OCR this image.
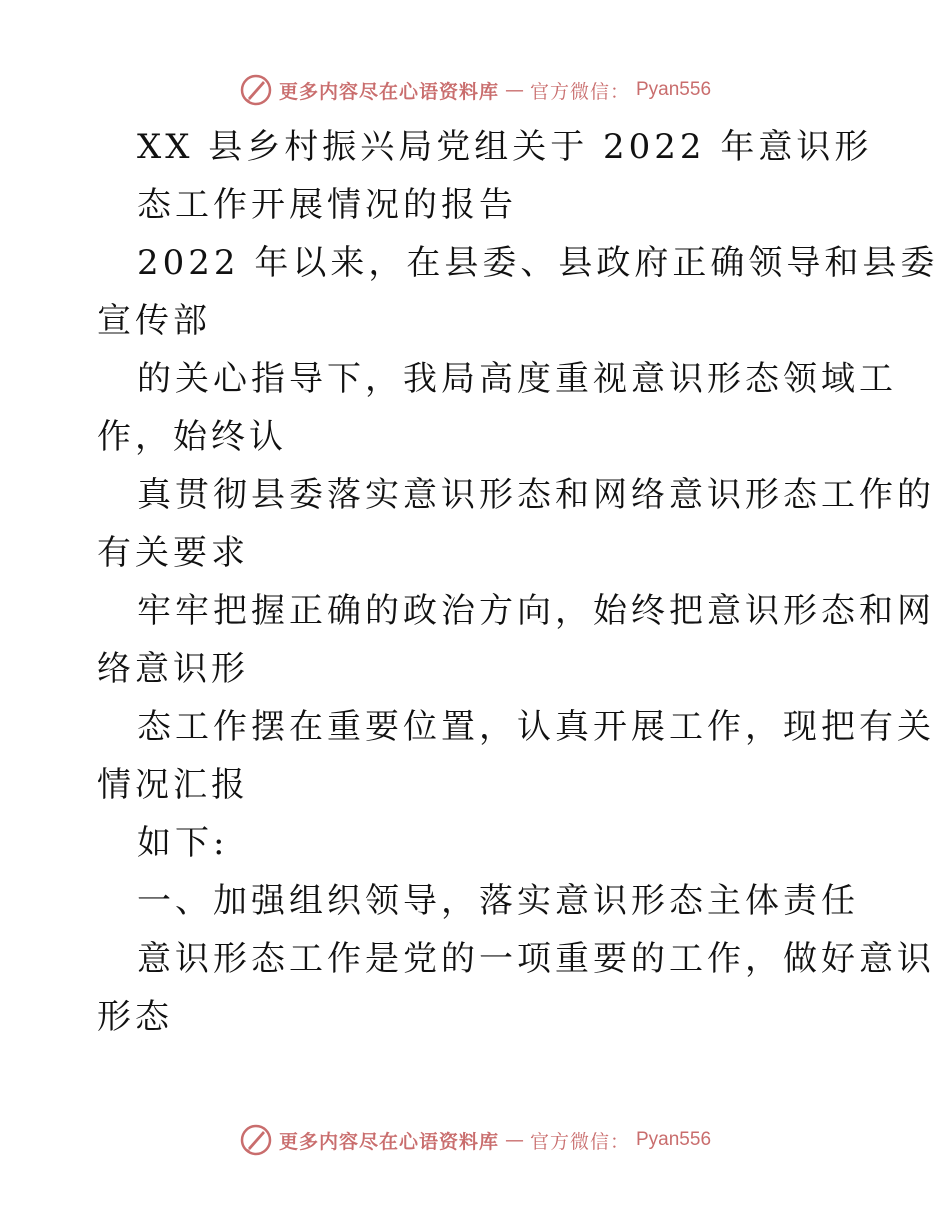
更多内容尽在心语资料库 — 官方微信： Pyan556
XX 县乡村振兴局党组关于 2022 年意识形
态工作开展情况的报告
2022 年以来，在县委、县政府正确领导和县委
宣传部
的关心指导下，我局高度重视意识形态领域工
作，始终认
真贯彻县委落实意识形态和网络意识形态工作的
有关要求
牢牢把握正确的政治方向，始终把意识形态和网
络意识形
态工作摆在重要位置，认真开展工作，现把有关
情况汇报
如下:
一、加强组织领导，落实意识形态主体责任
意识形态工作是党的一项重要的工作，做好意识
形态
更多内容尽在心语资料库 — 官方微信： Pyan556
